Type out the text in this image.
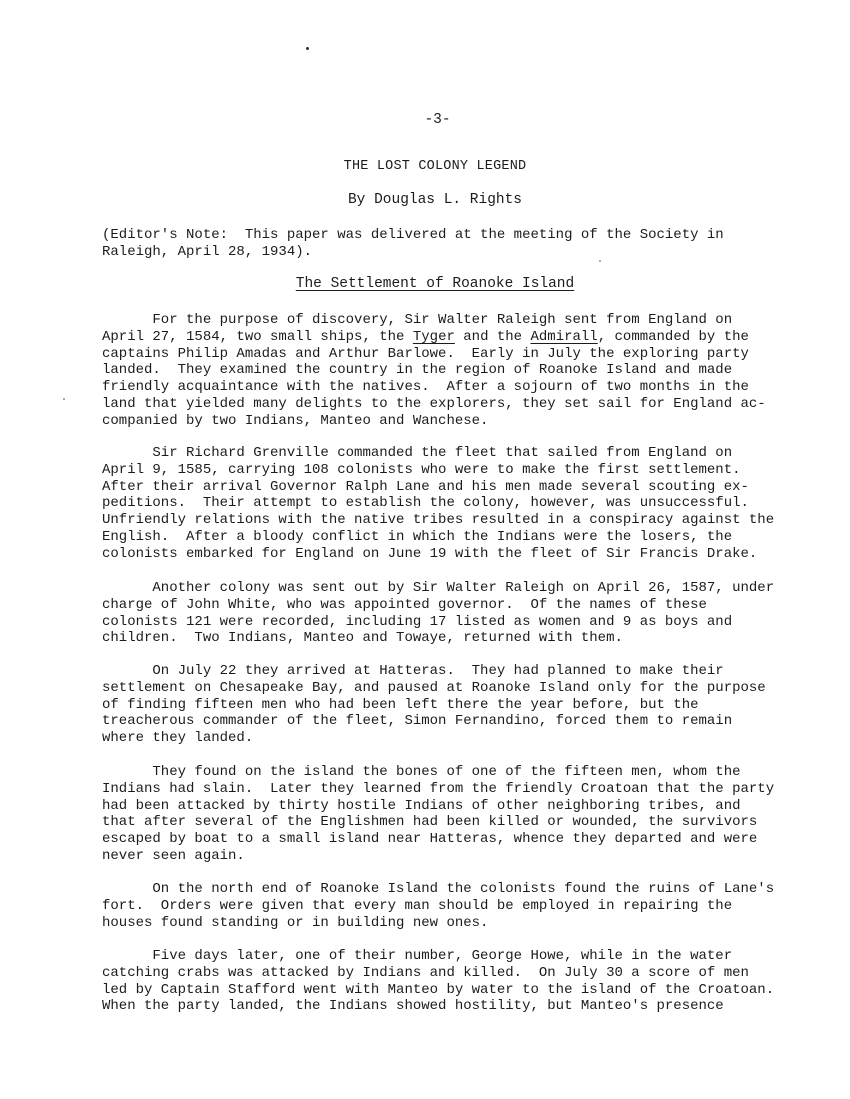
-3-
THE LOST COLONY LEGEND
By Douglas L. Rights

(Editor's Note:  This paper was delivered at the meeting of the Society in
Raleigh, April 28, 1934).

The Settlement of Roanoke Island

For the purpose of discovery, Sir Walter Raleigh sent from England on
April 27, 1584, two small ships, the Tyger and the Admirall, commanded by the
captains Philip Amadas and Arthur Barlowe.  Early in July the exploring party
landed.  They examined the country in the region of Roanoke Island and made
friendly acquaintance with the natives.  After a sojourn of two months in the
land that yielded many delights to the explorers, they set sail for England ac-
companied by two Indians, Manteo and Wanchese.

Sir Richard Grenville commanded the fleet that sailed from England on
April 9, 1585, carrying 108 colonists who were to make the first settlement.
After their arrival Governor Ralph Lane and his men made several scouting ex-
peditions.  Their attempt to establish the colony, however, was unsuccessful.
Unfriendly relations with the native tribes resulted in a conspiracy against the
English.  After a bloody conflict in which the Indians were the losers, the
colonists embarked for England on June 19 with the fleet of Sir Francis Drake.

Another colony was sent out by Sir Walter Raleigh on April 26, 1587, under
charge of John White, who was appointed governor.  Of the names of these
colonists 121 were recorded, including 17 listed as women and 9 as boys and
children.  Two Indians, Manteo and Towaye, returned with them.

On July 22 they arrived at Hatteras.  They had planned to make their
settlement on Chesapeake Bay, and paused at Roanoke Island only for the purpose
of finding fifteen men who had been left there the year before, but the
treacherous commander of the fleet, Simon Fernandino, forced them to remain
where they landed.

They found on the island the bones of one of the fifteen men, whom the
Indians had slain.  Later they learned from the friendly Croatoan that the party
had been attacked by thirty hostile Indians of other neighboring tribes, and
that after several of the Englishmen had been killed or wounded, the survivors
escaped by boat to a small island near Hatteras, whence they departed and were
never seen again.

On the north end of Roanoke Island the colonists found the ruins of Lane's
fort.  Orders were given that every man should be employed in repairing the
houses found standing or in building new ones.

Five days later, one of their number, George Howe, while in the water
catching crabs was attacked by Indians and killed.  On July 30 a score of men
led by Captain Stafford went with Manteo by water to the island of the Croatoan.
When the party landed, the Indians showed hostility, but Manteo's presence
